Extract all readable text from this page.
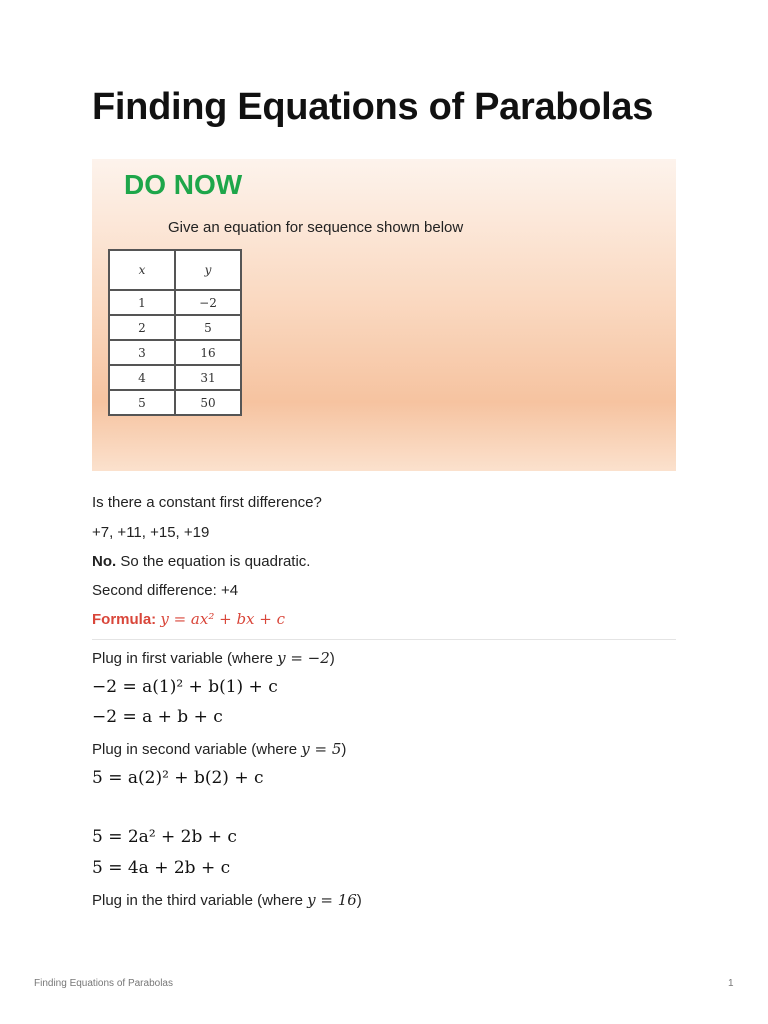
Finding Equations of Parabolas
DO NOW
Give an equation for sequence shown below
x	y
1	−2
2	5
3	16
4	31
5	50
Is there a constant first difference?
+7, +11, +15, +19
No. So the equation is quadratic.
Second difference: +4
Formula: y = ax² + bx + c
Plug in first variable (where y = −2)
−2 = a(1)² + b(1) + c
−2 = a + b + c
Plug in second variable (where y = 5)
5 = a(2)² + b(2) + c
5 = 2a² + 2b + c
5 = 4a + 2b + c
Plug in the third variable (where y = 16)
Finding Equations of Parabolas	1
